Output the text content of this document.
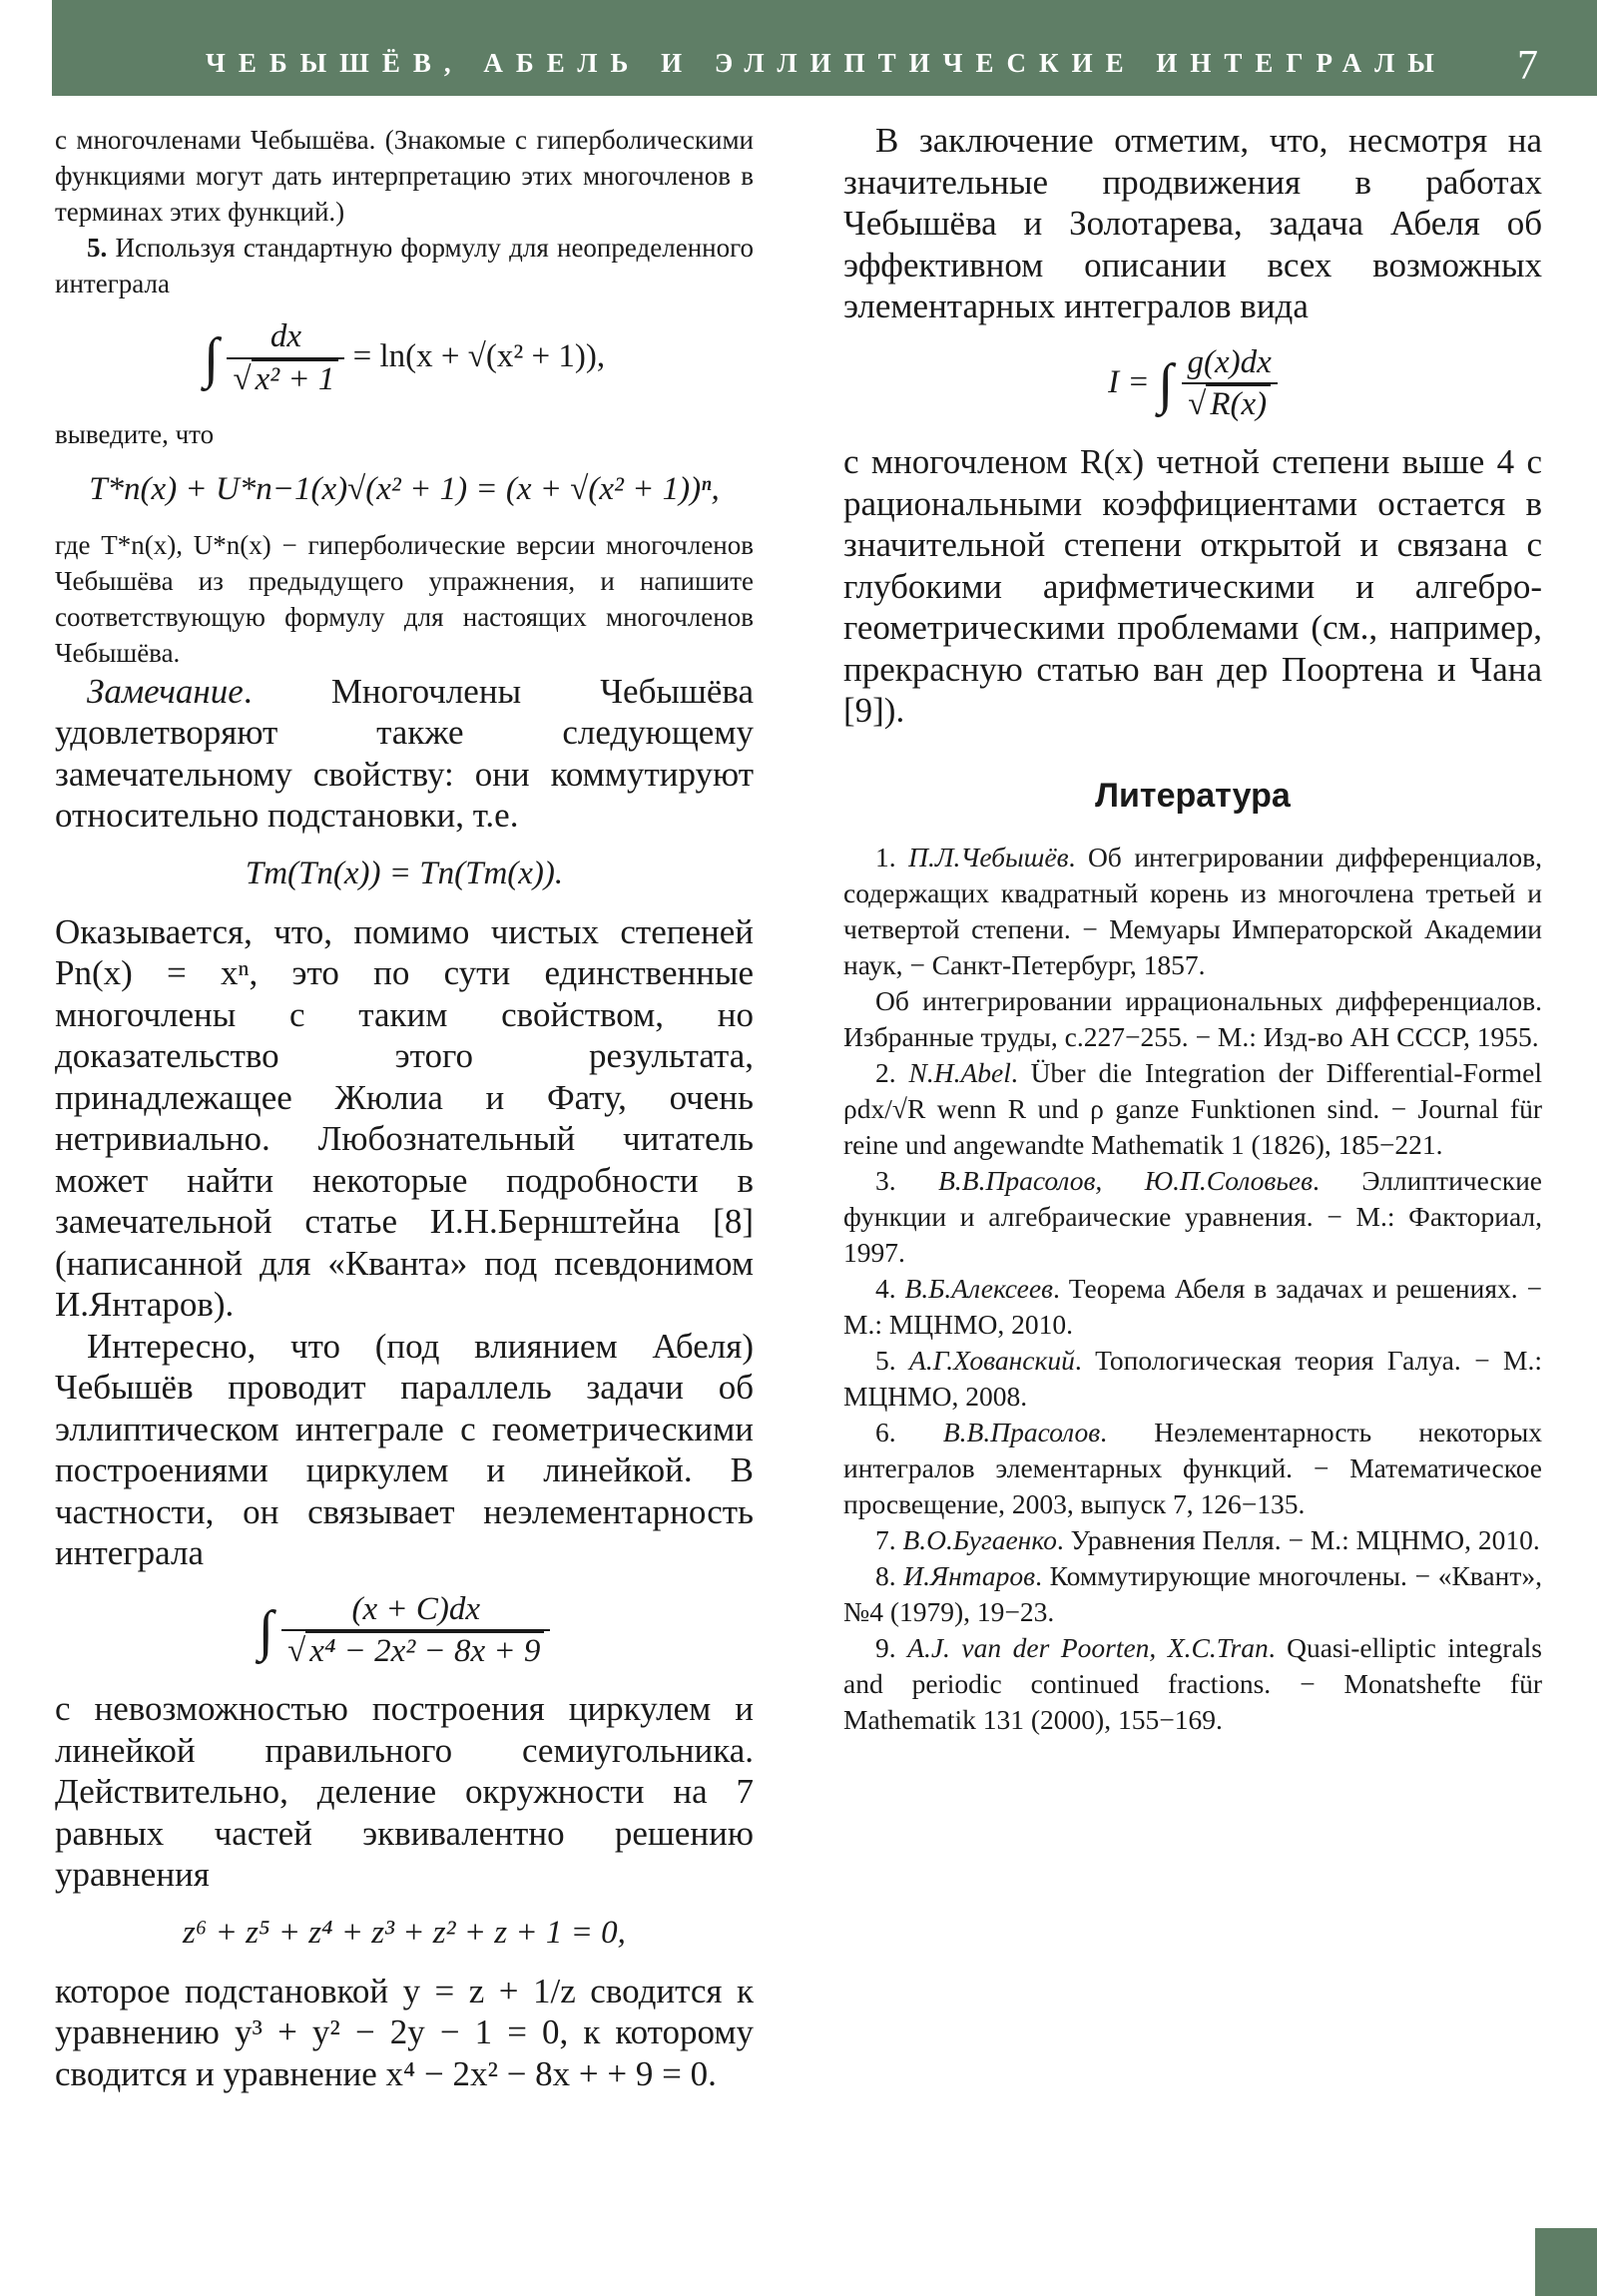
ЧЕБЫШЁВ, АБЕЛЬ И ЭЛЛИПТИЧЕСКИЕ ИНТЕГРАЛЫ 7

с многочленами Чебышёва. (Знакомые с гиперболическими функциями могут дать интерпретацию этих многочленов в терминах этих функций.)

5. Используя стандартную формулу для неопределенного интеграла

∫ $\frac{dx}{\text{√ x² + 1}} = \ln(x + √(x^2 + 1))$,

выведите, что

T*n(x) + U*n−1(x)√(x² + 1) = (x + √(x² + 1))ⁿ,

где T*n(x), U*n(x) − гиперболические версии многочленов Чебышёва из предыдущего упражнения, и напишите соответствующую формулу для настоящих многочленов Чебышёва.

Замечание. Многочлены Чебышёва удовлетворяют также следующему замечательному свойству: они коммутируют относительно подстановки, т.е.

Tm(Tn(x)) = Tn(Tm(x)).

Оказывается, что, помимо чистых степеней Pn(x) = xⁿ, это по сути единственные многочлены с таким свойством, но доказательство этого результата, принадлежащее Жюлиа и Фату, очень нетривиально. Любознательный читатель может найти некоторые подробности в замечательной статье И.Н.Бернштейна [8] (написанной для «Кванта» под псевдонимом И.Янтаров).

Интересно, что (под влиянием Абеля) Чебышёв проводит параллель задачи об эллиптическом интеграле с геометрическими построениями циркулем и линейкой. В частности, он связывает неэлементарность интеграла

∫ $\frac{(x + C)dx}{\text{√ x⁴ − 2x² − 8x + 9}}$

с невозможностью построения циркулем и линейкой правильного семиугольника. Действительно, деление окружности на 7 равных частей эквивалентно решению уравнения

z⁶ + z⁵ + z⁴ + z³ + z² + z + 1 = 0,

которое подстановкой y = z + 1/z сводится к уравнению y³ + y² − 2y − 1 = 0, к которому сводится и уравнение x⁴ − 2x² − 8x + + 9 = 0.

В заключение отметим, что, несмотря на значительные продвижения в работах Чебышёва и Золотарева, задача Абеля об эффективном описании всех возможных элементарных интегралов вида

I = ∫ $\frac{g(x)dx}{√ R(x)}$

с многочленом R(x) четной степени выше 4 с рациональными коэффициентами остается в значительной степени открытой и связана с глубокими арифметическими и алгебро-геометрическими проблемами (см., например, прекрасную статью ван дер Поортена и Чана [9]).

Литература

1. П.Л.Чебышёв. Об интегрировании дифференциалов, содержащих квадратный корень из многочлена третьей и четвертой степени. − Мемуары Императорской Академии наук, − Санкт-Петербург, 1857.

Об интегрировании иррациональных дифференциалов. Избранные труды, с.227−255. − М.: Изд-во АН СССР, 1955.

2. N.H.Abel. Über die Integration der Differential-Formel ρdx/√R wenn R und ρ ganze Funktionen sind. − Journal für reine und angewandte Mathematik 1 (1826), 185−221.

3. В.В.Прасолов, Ю.П.Соловьев. Эллиптические функции и алгебраические уравнения. − М.: Факториал, 1997.

4. В.Б.Алексеев. Теорема Абеля в задачах и решениях. − М.: МЦНМО, 2010.

5. А.Г.Хованский. Топологическая теория Галуа. − М.: МЦНМО, 2008.

6. В.В.Прасолов. Неэлементарность некоторых интегралов элементарных функций. − Математическое просвещение, 2003, выпуск 7, 126−135.

7. В.О.Бугаенко. Уравнения Пелля. − М.: МЦНМО, 2010.

8. И.Янтаров. Коммутирующие многочлены. − «Квант», №4 (1979), 19−23.

9. A.J. van der Poorten, X.C.Tran. Quasi-elliptic integrals and periodic continued fractions. − Monatshefte für Mathematik 131 (2000), 155−169.
